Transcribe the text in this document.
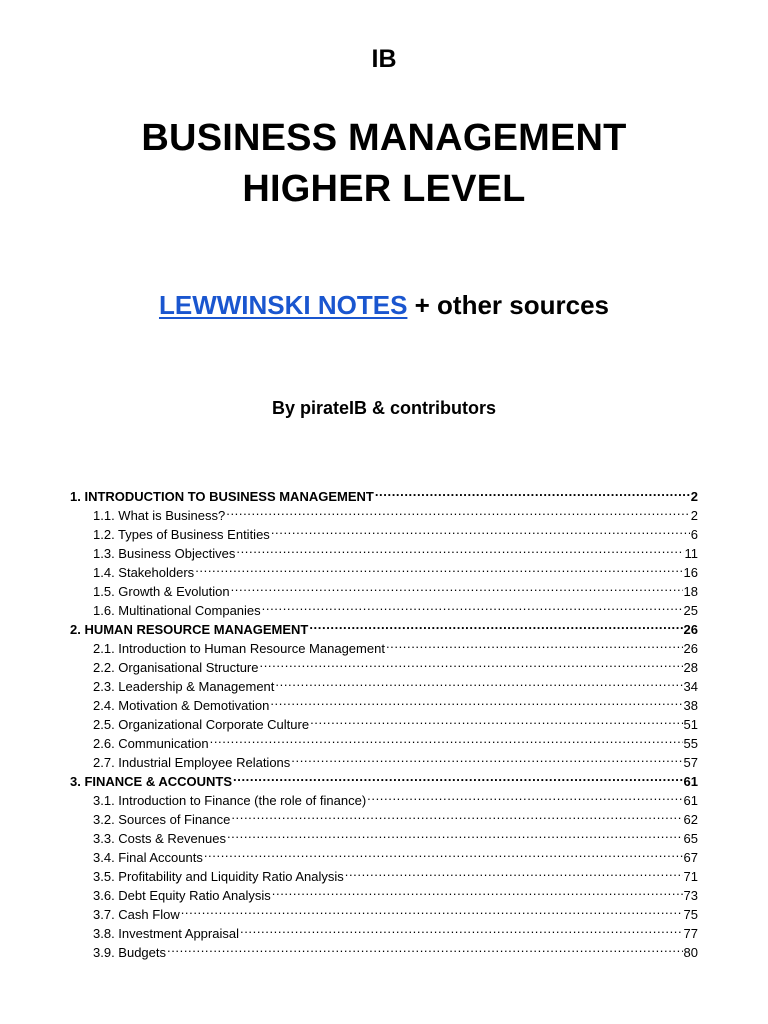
IB
BUSINESS MANAGEMENT
HIGHER LEVEL
LEWWINSKI NOTES + other sources
By pirateIB & contributors
1. INTRODUCTION TO BUSINESS MANAGEMENT .....	2
1.1. What is Business? .....	2
1.2. Types of Business Entities .....	6
1.3. Business Objectives .....	11
1.4. Stakeholders .....	16
1.5. Growth & Evolution .....	18
1.6. Multinational Companies .....	25
2. HUMAN RESOURCE MANAGEMENT .....	26
2.1. Introduction to Human Resource Management .....	26
2.2. Organisational Structure .....	28
2.3. Leadership & Management .....	34
2.4. Motivation & Demotivation .....	38
2.5. Organizational Corporate Culture .....	51
2.6. Communication .....	55
2.7. Industrial Employee Relations .....	57
3. FINANCE & ACCOUNTS .....	61
3.1. Introduction to Finance (the role of finance) .....	61
3.2. Sources of Finance .....	62
3.3. Costs & Revenues .....	65
3.4. Final Accounts .....	67
3.5. Profitability and Liquidity Ratio Analysis .....	71
3.6. Debt Equity Ratio Analysis .....	73
3.7. Cash Flow .....	75
3.8. Investment Appraisal .....	77
3.9. Budgets .....	80
